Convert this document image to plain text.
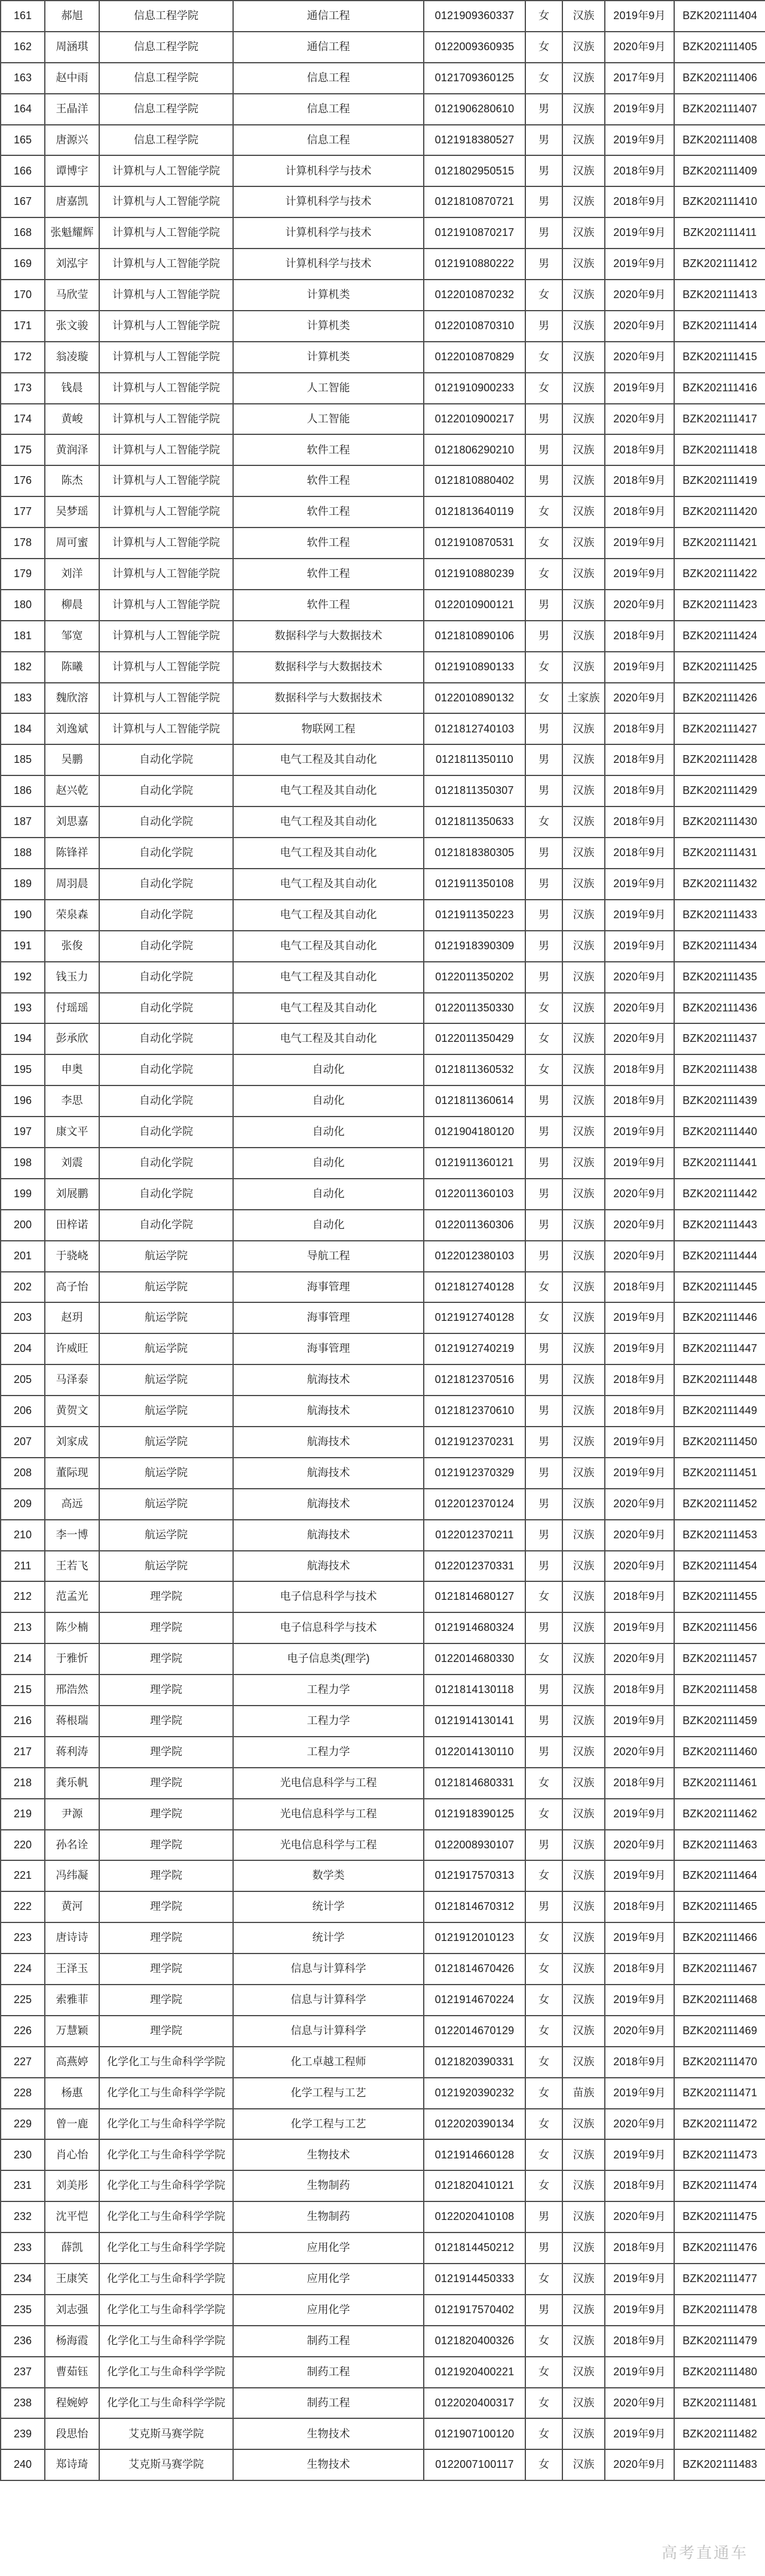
161	郝旭	信息工程学院	通信工程	0121909360337	女	汉族	2019年9月	BZK202111404
162	周涵琪	信息工程学院	通信工程	0122009360935	女	汉族	2020年9月	BZK202111405
163	赵中雨	信息工程学院	信息工程	0121709360125	女	汉族	2017年9月	BZK202111406
164	王晶洋	信息工程学院	信息工程	0121906280610	男	汉族	2019年9月	BZK202111407
165	唐源兴	信息工程学院	信息工程	0121918380527	男	汉族	2019年9月	BZK202111408
166	谭博宇	计算机与人工智能学院	计算机科学与技术	0121802950515	男	汉族	2018年9月	BZK202111409
167	唐嘉凯	计算机与人工智能学院	计算机科学与技术	0121810870721	男	汉族	2018年9月	BZK202111410
168	张魁耀辉	计算机与人工智能学院	计算机科学与技术	0121910870217	男	汉族	2019年9月	BZK202111411
169	刘泓宇	计算机与人工智能学院	计算机科学与技术	0121910880222	男	汉族	2019年9月	BZK202111412
170	马欣莹	计算机与人工智能学院	计算机类	0122010870232	女	汉族	2020年9月	BZK202111413
171	张文骏	计算机与人工智能学院	计算机类	0122010870310	男	汉族	2020年9月	BZK202111414
172	翁凌璇	计算机与人工智能学院	计算机类	0122010870829	女	汉族	2020年9月	BZK202111415
173	钱晨	计算机与人工智能学院	人工智能	0121910900233	女	汉族	2019年9月	BZK202111416
174	黄峻	计算机与人工智能学院	人工智能	0122010900217	男	汉族	2020年9月	BZK202111417
175	黄润泽	计算机与人工智能学院	软件工程	0121806290210	男	汉族	2018年9月	BZK202111418
176	陈杰	计算机与人工智能学院	软件工程	0121810880402	男	汉族	2018年9月	BZK202111419
177	吴梦瑶	计算机与人工智能学院	软件工程	0121813640119	女	汉族	2018年9月	BZK202111420
178	周可蜜	计算机与人工智能学院	软件工程	0121910870531	女	汉族	2019年9月	BZK202111421
179	刘洋	计算机与人工智能学院	软件工程	0121910880239	女	汉族	2019年9月	BZK202111422
180	柳晨	计算机与人工智能学院	软件工程	0122010900121	男	汉族	2020年9月	BZK202111423
181	邹宽	计算机与人工智能学院	数据科学与大数据技术	0121810890106	男	汉族	2018年9月	BZK202111424
182	陈曦	计算机与人工智能学院	数据科学与大数据技术	0121910890133	女	汉族	2019年9月	BZK202111425
183	魏欣溶	计算机与人工智能学院	数据科学与大数据技术	0122010890132	女	土家族	2020年9月	BZK202111426
184	刘逸斌	计算机与人工智能学院	物联网工程	0121812740103	男	汉族	2018年9月	BZK202111427
185	吴鹏	自动化学院	电气工程及其自动化	0121811350110	男	汉族	2018年9月	BZK202111428
186	赵兴乾	自动化学院	电气工程及其自动化	0121811350307	男	汉族	2018年9月	BZK202111429
187	刘思嘉	自动化学院	电气工程及其自动化	0121811350633	女	汉族	2018年9月	BZK202111430
188	陈锋祥	自动化学院	电气工程及其自动化	0121818380305	男	汉族	2018年9月	BZK202111431
189	周羽晨	自动化学院	电气工程及其自动化	0121911350108	男	汉族	2019年9月	BZK202111432
190	荣泉森	自动化学院	电气工程及其自动化	0121911350223	男	汉族	2019年9月	BZK202111433
191	张俊	自动化学院	电气工程及其自动化	0121918390309	男	汉族	2019年9月	BZK202111434
192	钱玉力	自动化学院	电气工程及其自动化	0122011350202	男	汉族	2020年9月	BZK202111435
193	付瑶瑶	自动化学院	电气工程及其自动化	0122011350330	女	汉族	2020年9月	BZK202111436
194	彭承欣	自动化学院	电气工程及其自动化	0122011350429	女	汉族	2020年9月	BZK202111437
195	申奥	自动化学院	自动化	0121811360532	女	汉族	2018年9月	BZK202111438
196	李思	自动化学院	自动化	0121811360614	男	汉族	2018年9月	BZK202111439
197	康文平	自动化学院	自动化	0121904180120	男	汉族	2019年9月	BZK202111440
198	刘震	自动化学院	自动化	0121911360121	男	汉族	2019年9月	BZK202111441
199	刘展鹏	自动化学院	自动化	0122011360103	男	汉族	2020年9月	BZK202111442
200	田梓诺	自动化学院	自动化	0122011360306	男	汉族	2020年9月	BZK202111443
201	于骁峣	航运学院	导航工程	0122012380103	男	汉族	2020年9月	BZK202111444
202	高子怡	航运学院	海事管理	0121812740128	女	汉族	2018年9月	BZK202111445
203	赵玥	航运学院	海事管理	0121912740128	女	汉族	2019年9月	BZK202111446
204	许威旺	航运学院	海事管理	0121912740219	男	汉族	2019年9月	BZK202111447
205	马泽泰	航运学院	航海技术	0121812370516	男	汉族	2018年9月	BZK202111448
206	黄贺文	航运学院	航海技术	0121812370610	男	汉族	2018年9月	BZK202111449
207	刘家成	航运学院	航海技术	0121912370231	男	汉族	2019年9月	BZK202111450
208	董际现	航运学院	航海技术	0121912370329	男	汉族	2019年9月	BZK202111451
209	高远	航运学院	航海技术	0122012370124	男	汉族	2020年9月	BZK202111452
210	李一博	航运学院	航海技术	0122012370211	男	汉族	2020年9月	BZK202111453
211	王若飞	航运学院	航海技术	0122012370331	男	汉族	2020年9月	BZK202111454
212	范孟光	理学院	电子信息科学与技术	0121814680127	女	汉族	2018年9月	BZK202111455
213	陈少楠	理学院	电子信息科学与技术	0121914680324	男	汉族	2019年9月	BZK202111456
214	于雅忻	理学院	电子信息类(理学)	0122014680330	女	汉族	2020年9月	BZK202111457
215	邢浩然	理学院	工程力学	0121814130118	男	汉族	2018年9月	BZK202111458
216	蒋根瑞	理学院	工程力学	0121914130141	男	汉族	2019年9月	BZK202111459
217	蒋利涛	理学院	工程力学	0122014130110	男	汉族	2020年9月	BZK202111460
218	龚乐帆	理学院	光电信息科学与工程	0121814680331	女	汉族	2018年9月	BZK202111461
219	尹源	理学院	光电信息科学与工程	0121918390125	女	汉族	2019年9月	BZK202111462
220	孙名诠	理学院	光电信息科学与工程	0122008930107	男	汉族	2020年9月	BZK202111463
221	冯纬凝	理学院	数学类	0121917570313	女	汉族	2019年9月	BZK202111464
222	黄河	理学院	统计学	0121814670312	男	汉族	2018年9月	BZK202111465
223	唐诗诗	理学院	统计学	0121912010123	女	汉族	2019年9月	BZK202111466
224	王泽玉	理学院	信息与计算科学	0121814670426	女	汉族	2018年9月	BZK202111467
225	索雅菲	理学院	信息与计算科学	0121914670224	女	汉族	2019年9月	BZK202111468
226	万慧颖	理学院	信息与计算科学	0122014670129	女	汉族	2020年9月	BZK202111469
227	高燕婷	化学化工与生命科学学院	化工卓越工程师	0121820390331	女	汉族	2018年9月	BZK202111470
228	杨惠	化学化工与生命科学学院	化学工程与工艺	0121920390232	女	苗族	2019年9月	BZK202111471
229	曾一鹿	化学化工与生命科学学院	化学工程与工艺	0122020390134	女	汉族	2020年9月	BZK202111472
230	肖心怡	化学化工与生命科学学院	生物技术	0121914660128	女	汉族	2019年9月	BZK202111473
231	刘美彤	化学化工与生命科学学院	生物制药	0121820410121	女	汉族	2018年9月	BZK202111474
232	沈平恺	化学化工与生命科学学院	生物制药	0122020410108	男	汉族	2020年9月	BZK202111475
233	薛凯	化学化工与生命科学学院	应用化学	0121814450212	男	汉族	2018年9月	BZK202111476
234	王康笑	化学化工与生命科学学院	应用化学	0121914450333	女	汉族	2019年9月	BZK202111477
235	刘志强	化学化工与生命科学学院	应用化学	0121917570402	男	汉族	2019年9月	BZK202111478
236	杨海霞	化学化工与生命科学学院	制药工程	0121820400326	女	汉族	2018年9月	BZK202111479
237	曹茹钰	化学化工与生命科学学院	制药工程	0121920400221	女	汉族	2019年9月	BZK202111480
238	程婉婷	化学化工与生命科学学院	制药工程	0122020400317	女	汉族	2020年9月	BZK202111481
239	段思怡	艾克斯马赛学院	生物技术	0121907100120	女	汉族	2019年9月	BZK202111482
240	郑诗琦	艾克斯马赛学院	生物技术	0122007100117	女	汉族	2020年9月	BZK202111483
高考直通车
